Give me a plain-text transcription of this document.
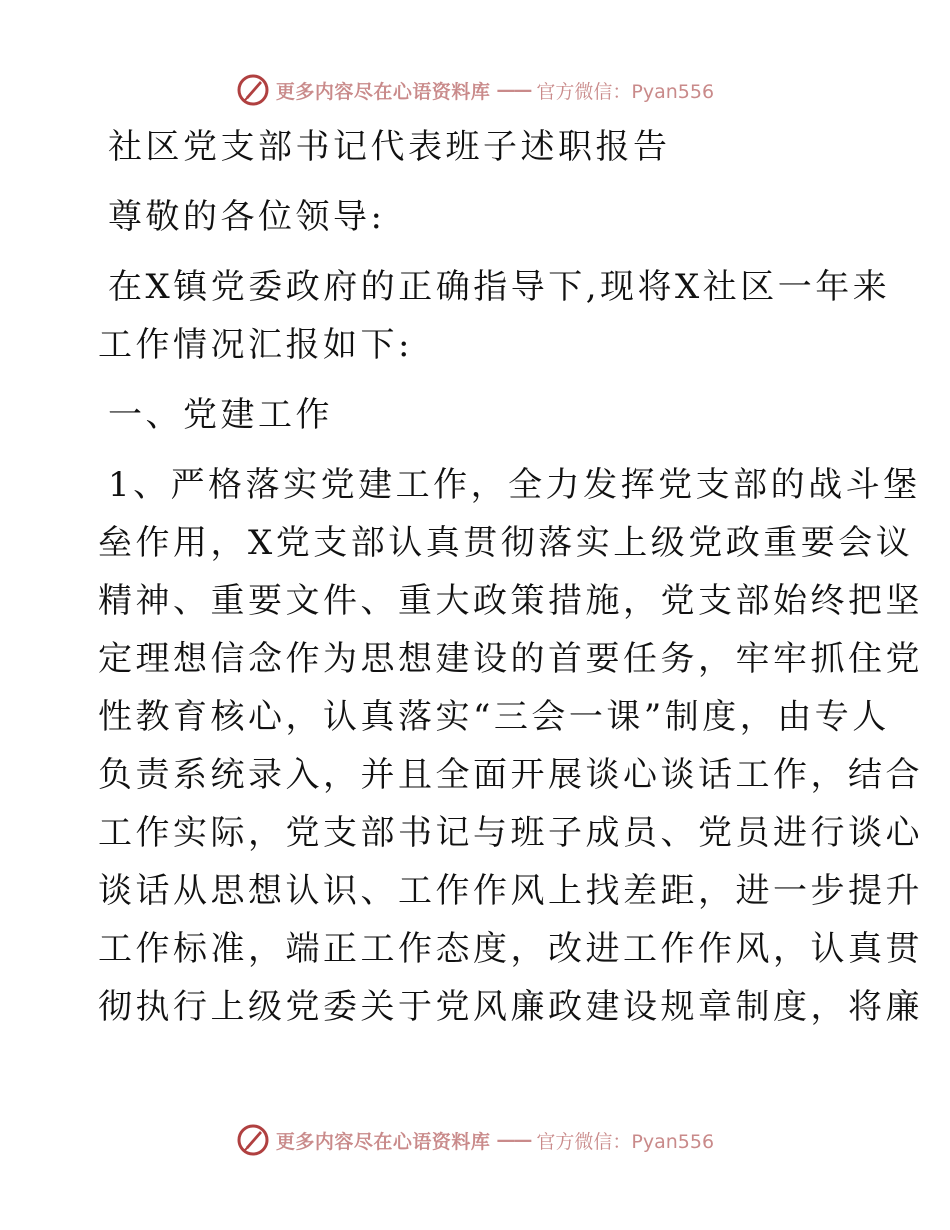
更多内容尽在心语资料库 —— 官方微信：Pyan556

社区党支部书记代表班子述职报告

尊敬的各位领导:

在X镇党委政府的正确指导下,现将X社区一年来

工作情况汇报如下:

一、党建工作

1、严格落实党建工作，全力发挥党支部的战斗堡

垒作用，X党支部认真贯彻落实上级党政重要会议

精神、重要文件、重大政策措施，党支部始终把坚

定理想信念作为思想建设的首要任务，牢牢抓住党

性教育核心，认真落实“三会一课”制度，由专人

负责系统录入，并且全面开展谈心谈话工作，结合

工作实际，党支部书记与班子成员、党员进行谈心

谈话从思想认识、工作作风上找差距，进一步提升

工作标准，端正工作态度，改进工作作风，认真贯

彻执行上级党委关于党风廉政建设规章制度，将廉

更多内容尽在心语资料库 —— 官方微信：Pyan556
